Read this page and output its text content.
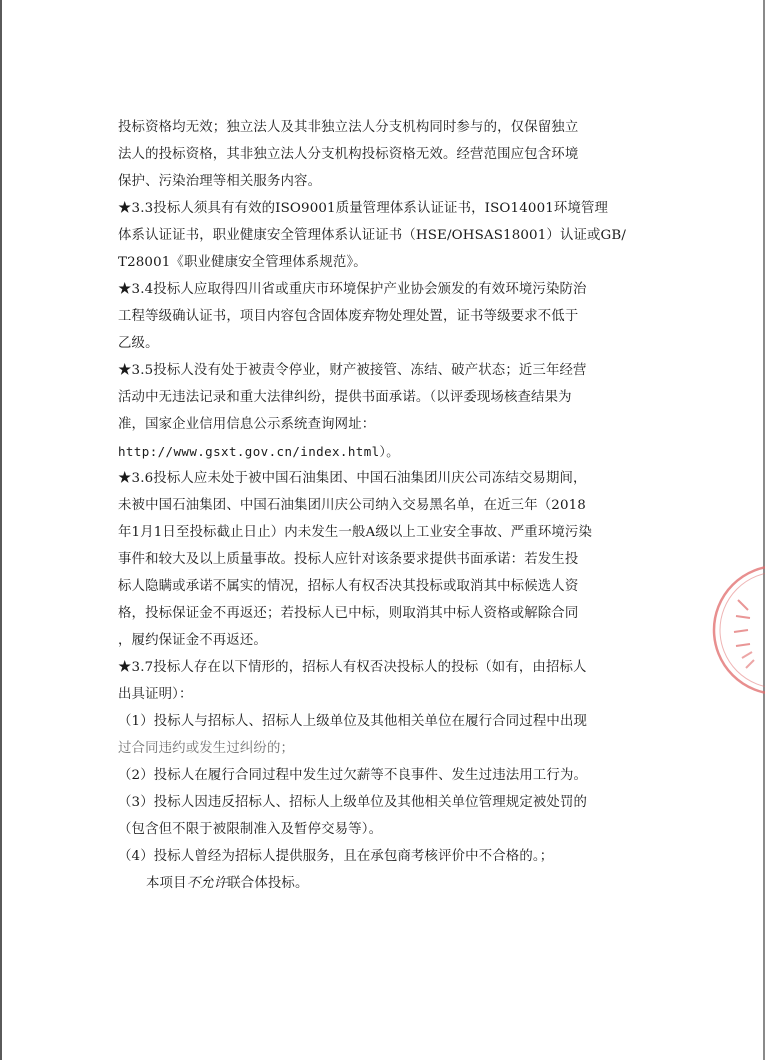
投标资格均无效；独立法人及其非独立法人分支机构同时参与的，仅保留独立
法人的投标资格，其非独立法人分支机构投标资格无效。经营范围应包含环境
保护、污染治理等相关服务内容。
★3.3投标人须具有有效的ISO9001质量管理体系认证证书，ISO14001环境管理
体系认证证书，职业健康安全管理体系认证证书（HSE/OHSAS18001）认证或GB/
T28001《职业健康安全管理体系规范》。
★3.4投标人应取得四川省或重庆市环境保护产业协会颁发的有效环境污染防治
工程等级确认证书，项目内容包含固体废弃物处理处置，证书等级要求不低于
乙级。
★3.5投标人没有处于被责令停业，财产被接管、冻结、破产状态；近三年经营
活动中无违法记录和重大法律纠纷，提供书面承诺。（以评委现场核查结果为
准，国家企业信用信息公示系统查询网址：
http://www.gsxt.gov.cn/index.html）。
★3.6投标人应未处于被中国石油集团、中国石油集团川庆公司冻结交易期间，
未被中国石油集团、中国石油集团川庆公司纳入交易黑名单，在近三年（2018
年1月1日至投标截止日止）内未发生一般A级以上工业安全事故、严重环境污染
事件和较大及以上质量事故。投标人应针对该条要求提供书面承诺：若发生投
标人隐瞒或承诺不属实的情况，招标人有权否决其投标或取消其中标候选人资
格，投标保证金不再返还；若投标人已中标，则取消其中标人资格或解除合同
，履约保证金不再返还。
★3.7投标人存在以下情形的，招标人有权否决投标人的投标（如有，由招标人
出具证明）：
（1）投标人与招标人、招标人上级单位及其他相关单位在履行合同过程中出现
过合同违约或发生过纠纷的；
（2）投标人在履行合同过程中发生过欠薪等不良事件、发生过违法用工行为。
（3）投标人因违反招标人、招标人上级单位及其他相关单位管理规定被处罚的
（包含但不限于被限制准入及暂停交易等）。
（4）投标人曾经为招标人提供服务，且在承包商考核评价中不合格的。；
本项目不允许联合体投标。
